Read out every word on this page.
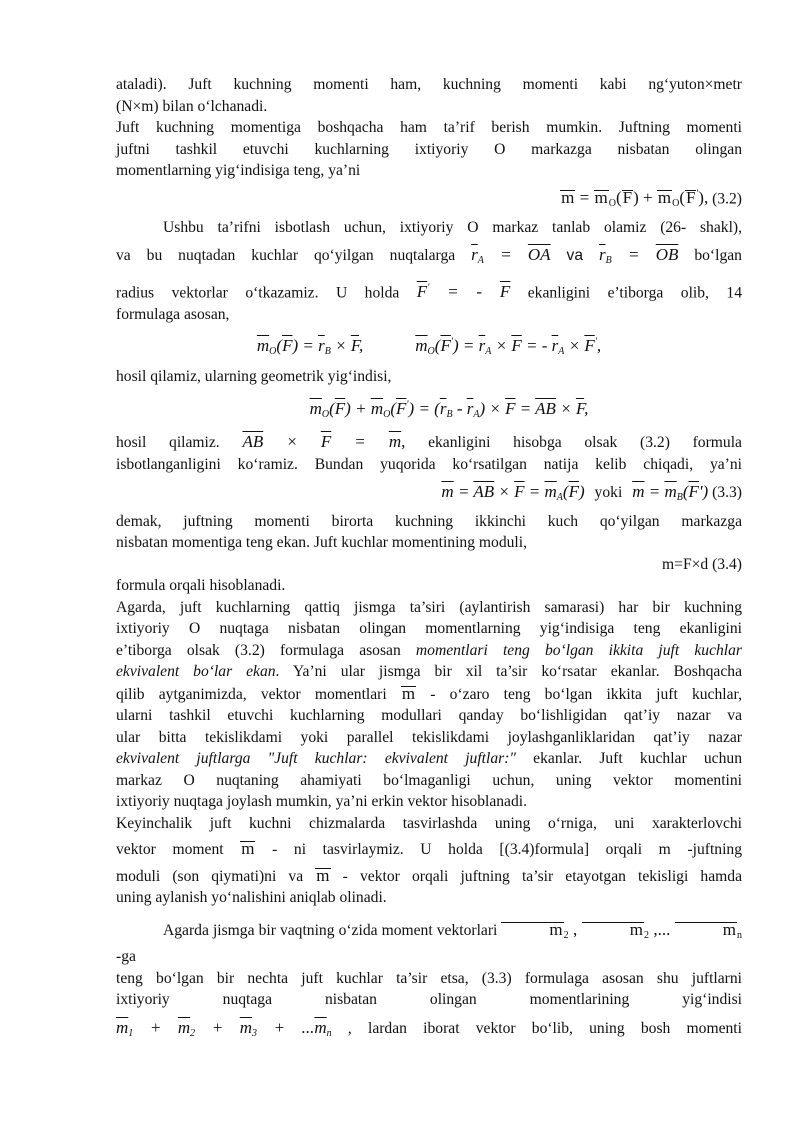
ataladi). Juft kuchning momenti ham, kuchning momenti kabi ng‘yuton×metr

(N×m) bilan o‘lchanadi.

Juft kuchning momentiga boshqacha ham ta’rif berish mumkin. Juftning momenti

juftni tashkil etuvchi kuchlarning ixtiyoriy O markazga nisbatan olingan

momentlarning yig‘indisiga teng, ya’ni

$m = m_O(F) + m_O(F')$, (3.2)

Ushbu ta’rifni isbotlash uchun, ixtiyoriy O markaz tanlab olamiz (26- shakl),

va bu nuqtadan kuchlar qo‘yilgan nuqtalarga $\overline{r}_A = \overline{OA}$ va $\overline{r}_B = \overline{OB}$ bo‘lgan

radius vektorlar o‘tkazamiz. U holda $\overline{F}'$ = - $\overline{F}$ ekanligini e’tiborga olib, 14

formulaga asosan,

$\overline{m}_O(\overline{F}) = \overline{r}_B \times \overline{F}$,	$\overline{m}_O(\overline{F}') = \overline{r}_A \times \overline{F}$ = - $\overline{r}_A \times \overline{F}'$,

hosil qilamiz, ularning geometrik yig‘indisi,

$\overline{m}_O(\overline{F}) + \overline{m}_O(\overline{F}') = (\overline{r}_B - \overline{r}_A) \times \overline{F} = \overline{AB} \times \overline{F}$,

hosil qilamiz. $\overline{AB} \times \overline{F} = \overline{m}$, ekanligini hisobga olsak (3.2) formula

isbotlanganligini ko‘ramiz. Bundan yuqorida ko‘rsatilgan natija kelib chiqadi, ya’ni

$\overline{m} = \overline{AB} \times \overline{F} = \overline{m}_A(\overline{F})$ yoki $\overline{m} = \overline{m}_B(\overline{F}')$ (3.3)

demak, juftning momenti birorta kuchning ikkinchi kuch qo‘yilgan markazga

nisbatan momentiga teng ekan. Juft kuchlar momentining moduli,

m=F×d (3.4)

formula orqali hisoblanadi.

Agarda, juft kuchlarning qattiq jismga ta’siri (aylantirish samarasi) har bir kuchning

ixtiyoriy O nuqtaga nisbatan olingan momentlarning yig‘indisiga teng ekanligini

e’tiborga olsak (3.2) formulaga asosan momentlari teng bo‘lgan ikkita juft kuchlar

ekvivalent bo‘lar ekan. Ya’ni ular jismga bir xil ta’sir ko‘rsatar ekanlar. Boshqacha

qilib aytganimizda, vektor momentlari m - o‘zaro teng bo‘lgan ikkita juft kuchlar,

ularni tashkil etuvchi kuchlarning modullari qanday bo‘lishligidan qat’iy nazar va

ular bitta tekislikdami yoki parallel tekislikdami joylashganliklaridan qat’iy nazar

ekvivalent juftlarga "Juft kuchlar: ekvivalent juftlar:" ekanlar. Juft kuchlar uchun

markaz O nuqtaning ahamiyati bo‘lmaganligi uchun, uning vektor momentini

ixtiyoriy nuqtaga joylash mumkin, ya’ni erkin vektor hisoblanadi.

Keyinchalik juft kuchni chizmalarda tasvirlashda uning o‘rniga, uni xarakterlovchi

vektor moment m - ni tasvirlaymiz. U holda [(3.4)formula] orqali m -juftning

moduli (son qiymati)ni va m - vektor orqali juftning ta’sir etayotgan tekisligi hamda

uning aylanish yo‘nalishini aniqlab olinadi.

Agarda jismga bir vaqtning o‘zida moment vektorlari	$m_2$ ,	$m_2$ ,...	$m_n$ -ga

teng bo‘lgan bir nechta juft kuchlar ta’sir etsa, (3.3) formulaga asosan shu juftlarni

ixtiyoriy nuqtaga nisbatan olingan momentlarining yig‘indisi

$\overline{m}_1 + \overline{m}_2 + \overline{m}_3 + ...\overline{m}_n$ , lardan iborat vektor bo‘lib, uning bosh momenti
